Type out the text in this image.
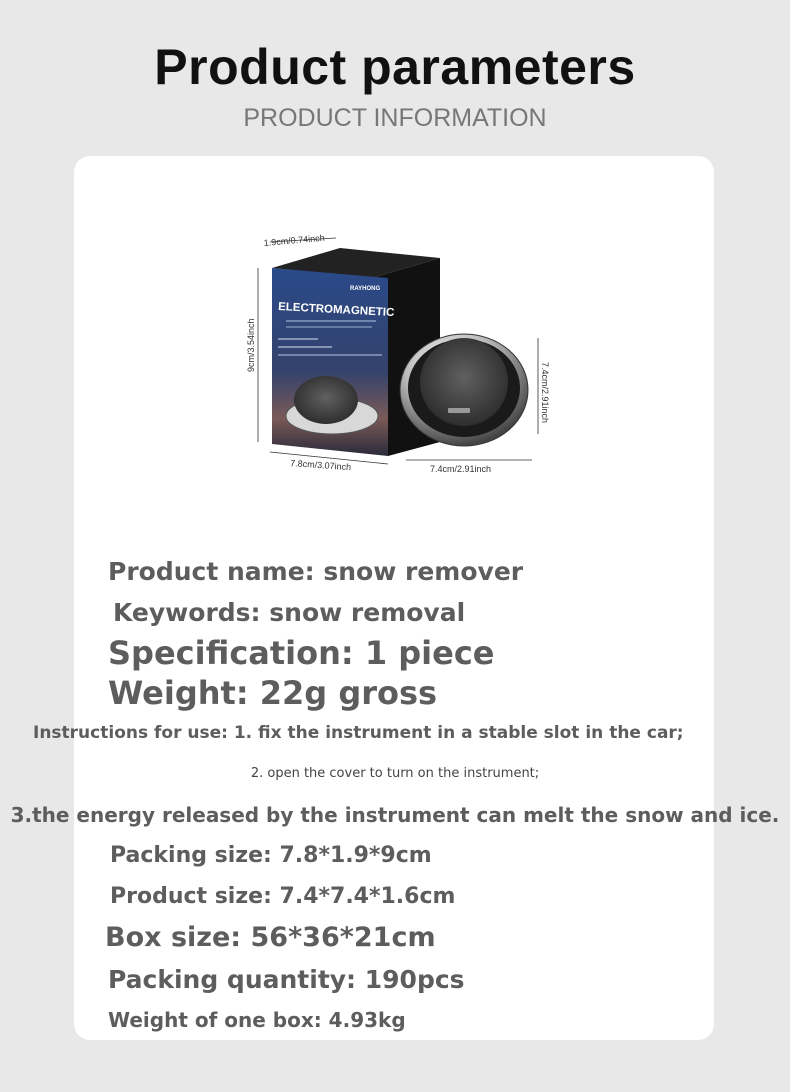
Product parameters
PRODUCT INFORMATION
1.9cm/0.74inch
9cm/3.54inch
RAYHONG
ELECTROMAGNETIC
7.8cm/3.07inch
7.4cm/2.91inch
7.4cm/2.91inch
Product name: snow remover
Keywords: snow removal
Specification: 1 piece
Weight: 22g gross
Instructions for use: 1. fix the instrument in a stable slot in the car;
2. open the cover to turn on the instrument;
3.the energy released by the instrument can melt the snow and ice.
Packing size: 7.8*1.9*9cm
Product size: 7.4*7.4*1.6cm
Box size: 56*36*21cm
Packing quantity: 190pcs
Weight of one box: 4.93kg
